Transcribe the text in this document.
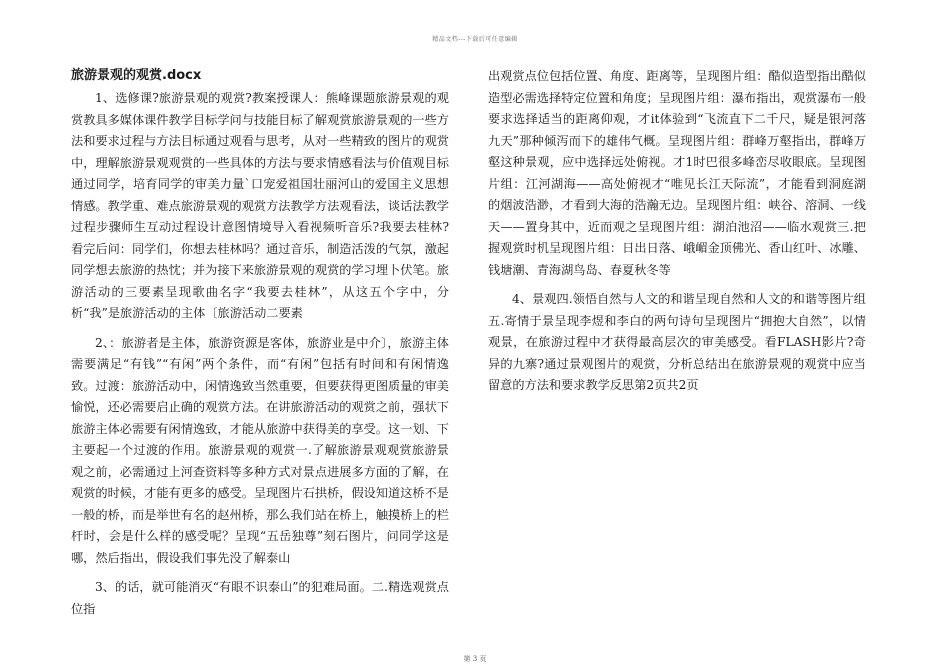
精品文档---下载后可任意编辑
旅游景观的观赏.docx

1、选修课?旅游景观的观赏?教案授课人：熊峰课题旅游景观的观赏教具多媒体课件教学目标学问与技能目标了解观赏旅游景观的一些方法和要求过程与方法目标通过观看与思考，从对一些精致的图片的观赏中，理解旅游景观观赏的一些具体的方法与要求情感看法与价值观目标通过同学，培育同学的审美力量`口宠爱祖国壮丽河山的爱国主义思想情感。教学重、难点旅游景观的观赏方法教学方法观看法，谈话法教学过程步骤师生互动过程设计意图情境导入看视频听音乐?我要去桂林?看完后问：同学们，你想去桂林吗？通过音乐，制造活泼的气氛，激起同学想去旅游的热忱；并为接下来旅游景观的观赏的学习埋卜伏笔。旅游活动的三要素呈现歌曲名字“我要去桂林”，从这五个字中，分析“我”是旅游活动的主体〔旅游活动二要素

2、：旅游者是主体，旅游资源是客体，旅游业是中介〕，旅游主体需要满足“有钱”“有闲”两个条件，而“有闲”包括有时间和有闲情逸致。过渡：旅游活动中，闲情逸致当然重要，但要获得更图质量的审美愉悦，还必需要启止确的观赏方法。在讲旅游活动的观赏之前，强状下旅游主体必需要有闲情逸致，才能从旅游中获得美的享受。这一划、下主要起一个过渡的作用。旅游景观的观赏一.了解旅游景观观赏旅游景观之前，必需通过上河查资料等多种方式对景点进展多方面的了解，在观赏的时候，才能有更多的感受。呈现图片石拱桥，假设知道这桥不是一般的桥，而是举世有名的赵州桥，那么我们站在桥上，触摸桥上的栏杆时，会是什么样的感受呢？呈现“五岳独尊”刻石图片，问同学这是哪，然后指出，假设我们事先没了解泰山

3、的话，就可能消灭“有眼不识泰山”的犯难局面。二.精选观赏点位指

出观赏点位包括位置、角度、距离等，呈现图片组：酷似造型指出酷似造型必需选择特定位置和角度；呈现图片组：瀑布指出，观赏瀑布一般要求选择适当的距离仰观，才it体验到“飞流直下二千尺，疑是银河落九天”那种倾泻而下的雄伟气概。呈现图片组：群峰万壑指出，群峰万壑这种景观，应中选择远处俯视。才1时巴很多峰峦尽收眼底。呈现图片组：江河湖海——高处俯视才“唯见长江天际流”，才能看到洞庭湖的烟波浩渺，才看到大海的浩瀚无边。呈现图片组：峡谷、溶洞、一线天——置身其中，近而观之呈现图片组：湖泊池沼——临水观赏三.把握观赏时机呈现图片组：日出日落、峨嵋金顶佛光、香山红叶、冰雕、钱塘潮、青海湖鸟岛、春夏秋冬等

4、景观四.领悟自然与人文的和谐呈现自然和人文的和谐等图片组五.寄情于景呈现李煜和李白的两句诗句呈现图片“拥抱大自然”，以情观景，在旅游过程中才获得最高层次的审美感受。看FLASH影片?奇异的九寨?通过景观图片的观赏，分析总结出在旅游景观的观赏中应当留意的方法和要求教学反思第2页共2页

第 3 页
